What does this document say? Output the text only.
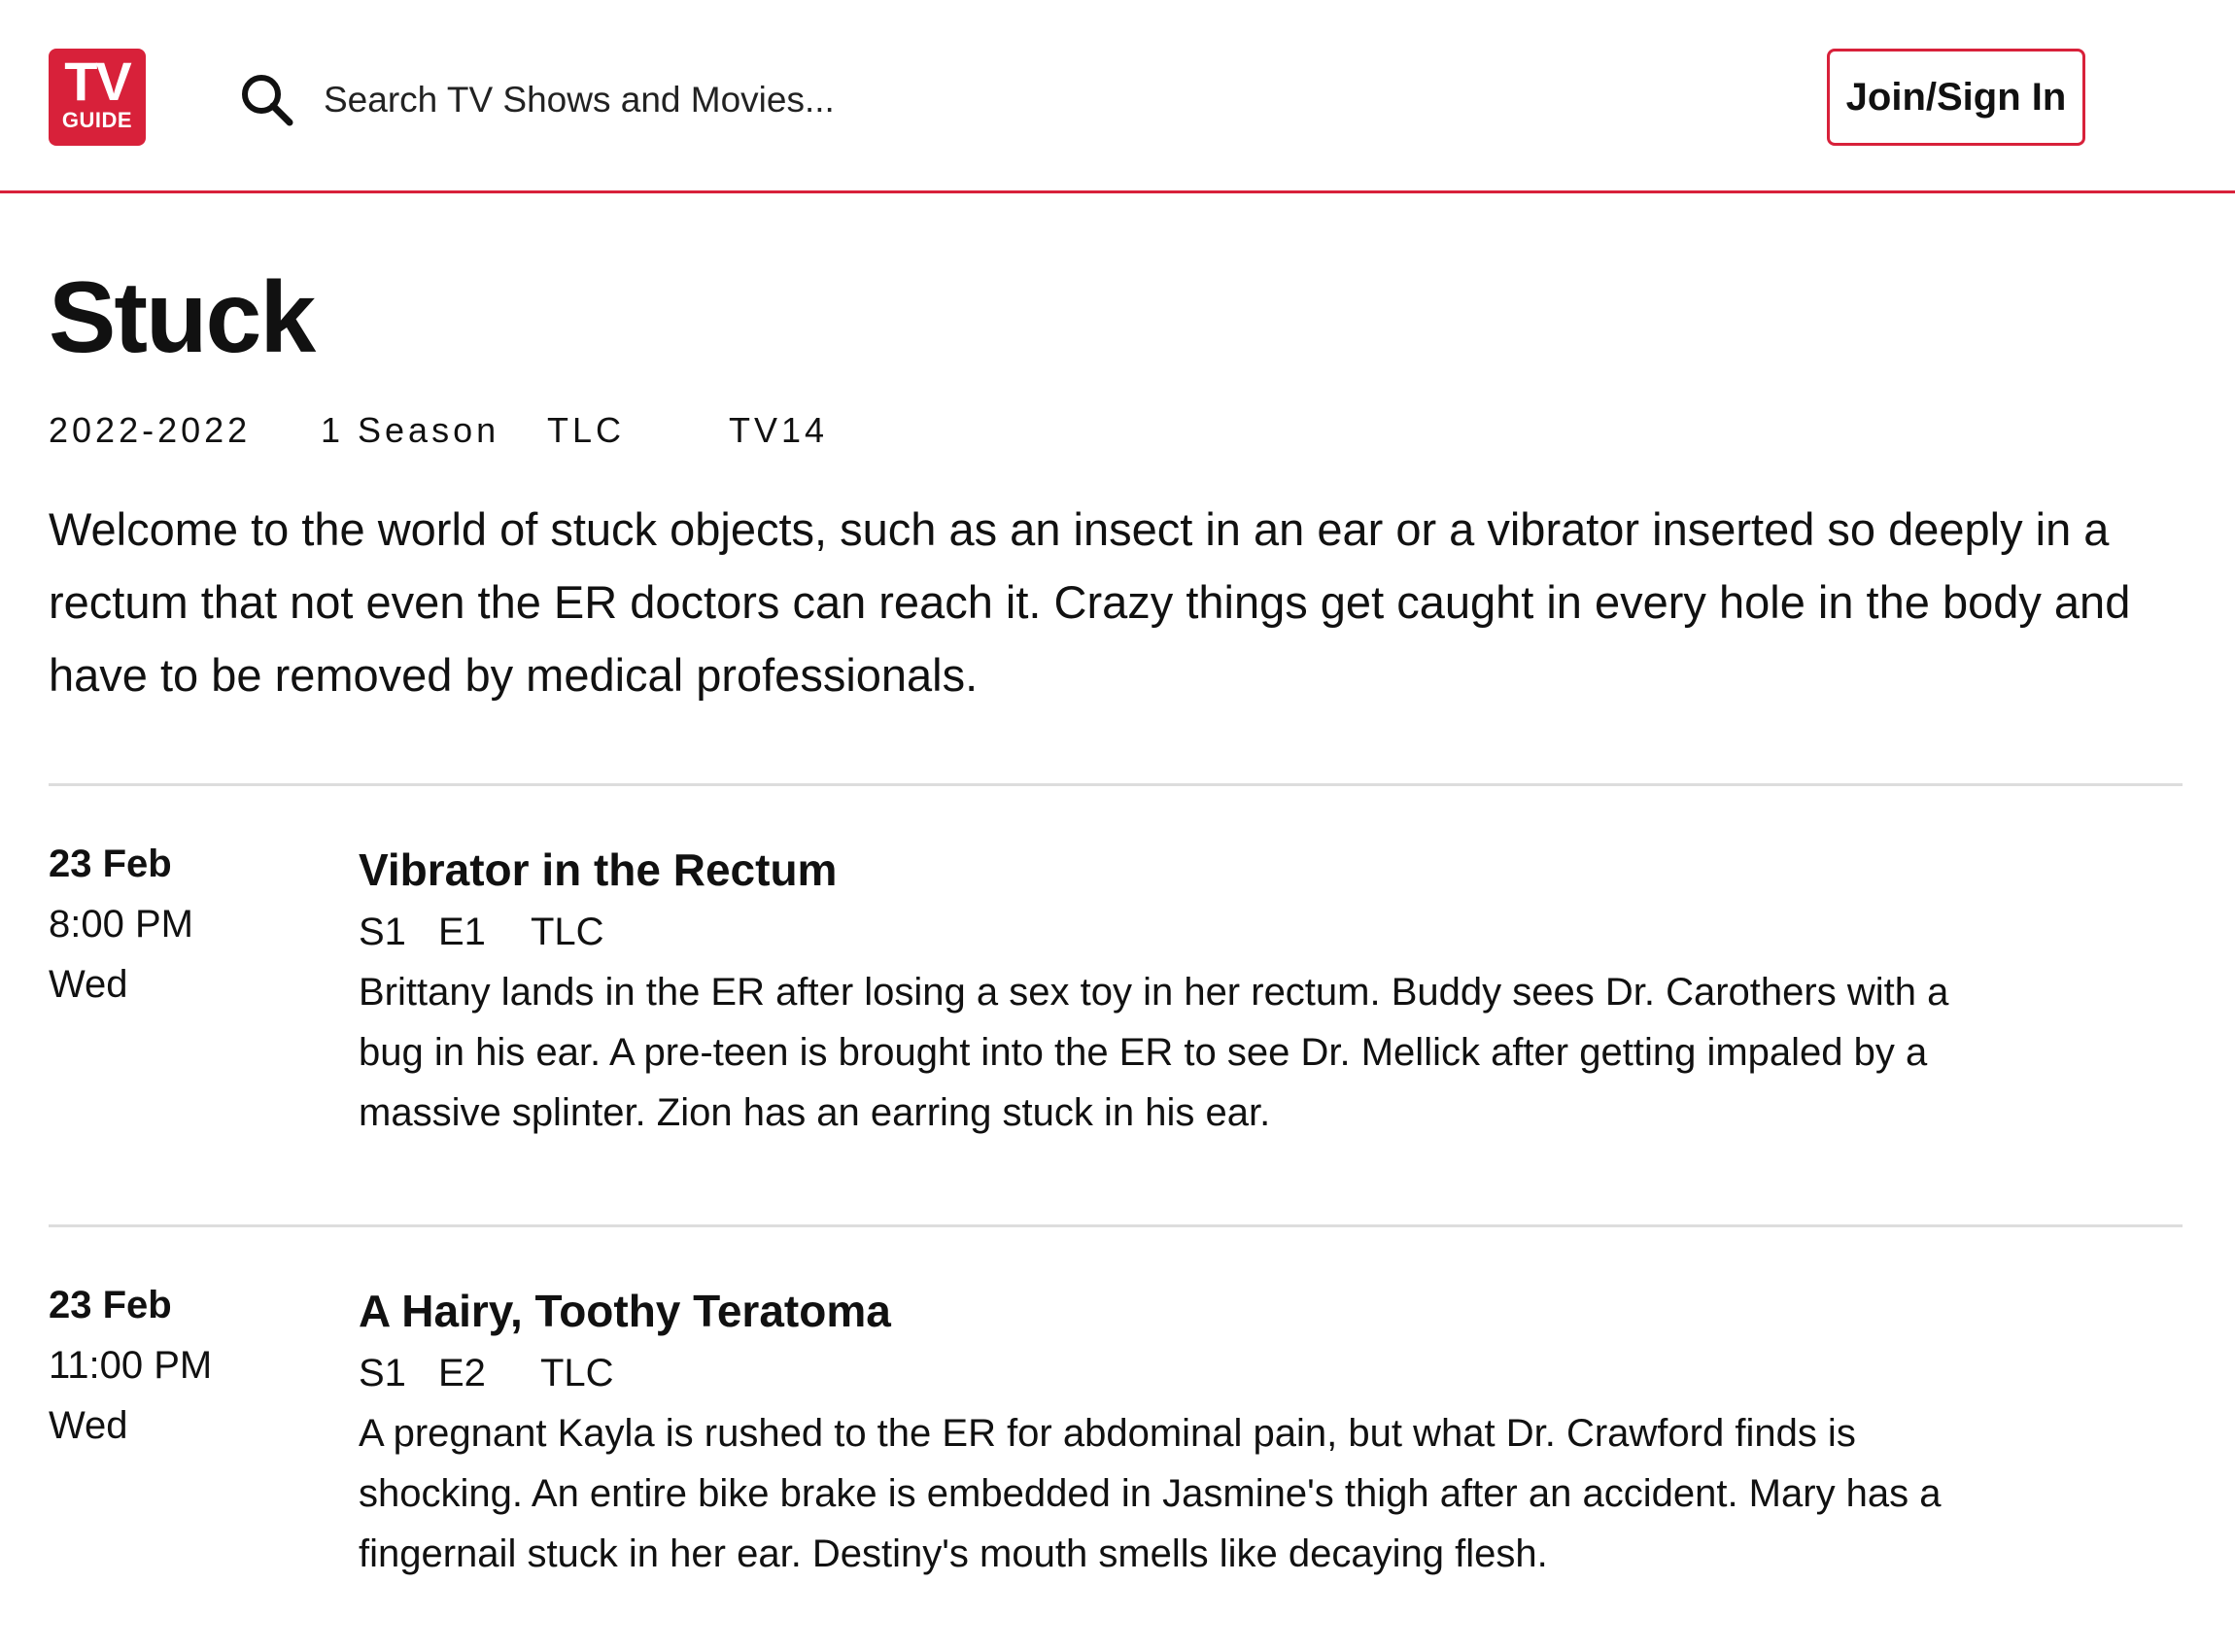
TV
GUIDE
Search TV Shows and Movies...	Join/Sign In
Stuck
2022-2022 1 Season TLC	TV14

Welcome to the world of stuck objects, such as an insect in an ear or a vibrator inserted so deeply in a rectum that not even the ER doctors can reach it. Crazy things get caught in every hole in the body and have to be removed by medical professionals.

23 Feb
8:00 PM
Wed
Vibrator in the Rectum
S1 E1 TLC

Brittany lands in the ER after losing a sex toy in her rectum. Buddy sees Dr. Carothers with a bug in his ear. A pre-teen is brought into the ER to see Dr. Mellick after getting impaled by a massive splinter. Zion has an earring stuck in his ear.

23 Feb
11:00 PM
Wed
A Hairy, Toothy Teratoma
S1 E2 TLC

A pregnant Kayla is rushed to the ER for abdominal pain, but what Dr. Crawford finds is shocking. An entire bike brake is embedded in Jasmine's thigh after an accident. Mary has a fingernail stuck in her ear. Destiny's mouth smells like decaying flesh.
